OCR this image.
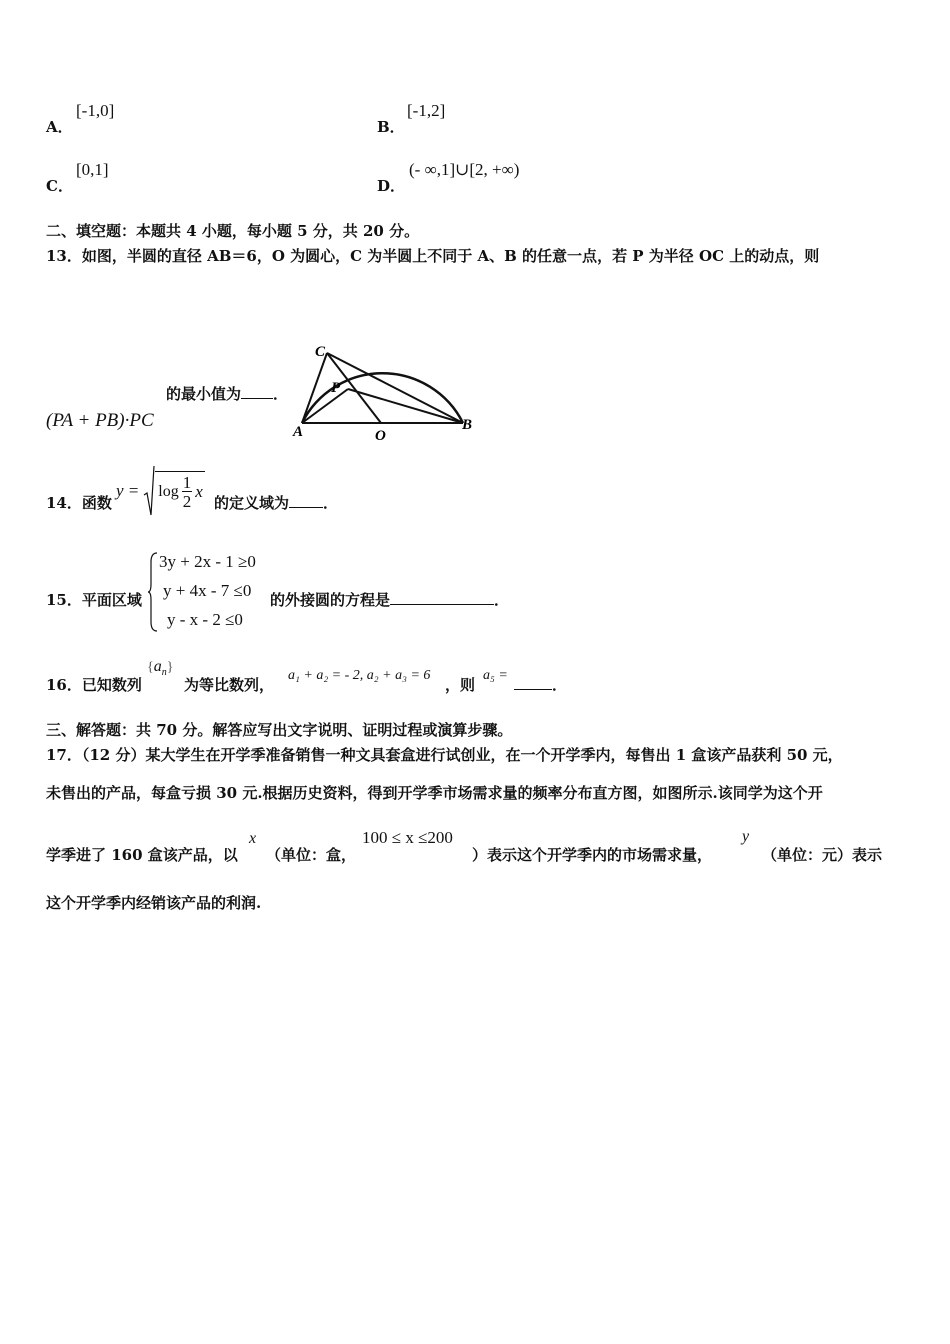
A．
[-1,0]
B．
[-1,2]
C．
[0,1]
D．
(- ∞,1]∪[2, +∞)
二、填空题：本题共 4 小题，每小题 5 分，共 20 分。
13．如图，半圆的直径 AB＝6，O 为圆心，C 为半圆上不同于 A、B 的任意一点，若 P 为半径 OC 上的动点，则
的最小值为 ．
(PA + PB)·PC
C
P
A	O
B
14．函数
$y = \log \frac{1}{2}$ x
的定义域为 ．
15．平面区域
3y + 2x - 1 ≥0
y + 4x - 7 ≤0
y - x - 2 ≤0
的外接圆的方程是	．
16．已知数列
$\{a_n\}$
为等比数列，
a₁ + a₂ = - 2, a₂ + a₃ = 6
，则
a₅ =
．
三、解答题：共 70 分。解答应写出文字说明、证明过程或演算步骤。
17．（12 分）某大学生在开学季准备销售一种文具套盒进行试创业，在一个开学季内，每售出 1 盒该产品获利 50 元，
未售出的产品，每盒亏损 30 元.根据历史资料，得到开学季市场需求量的频率分布直方图，如图所示.该同学为这个开
学季进了 160 盒该产品，以
x
（单位：盒，
100 ≤ x ≤200
）表示这个开学季内的市场需求量，
y
（单位：元）表示
这个开学季内经销该产品的利润.
